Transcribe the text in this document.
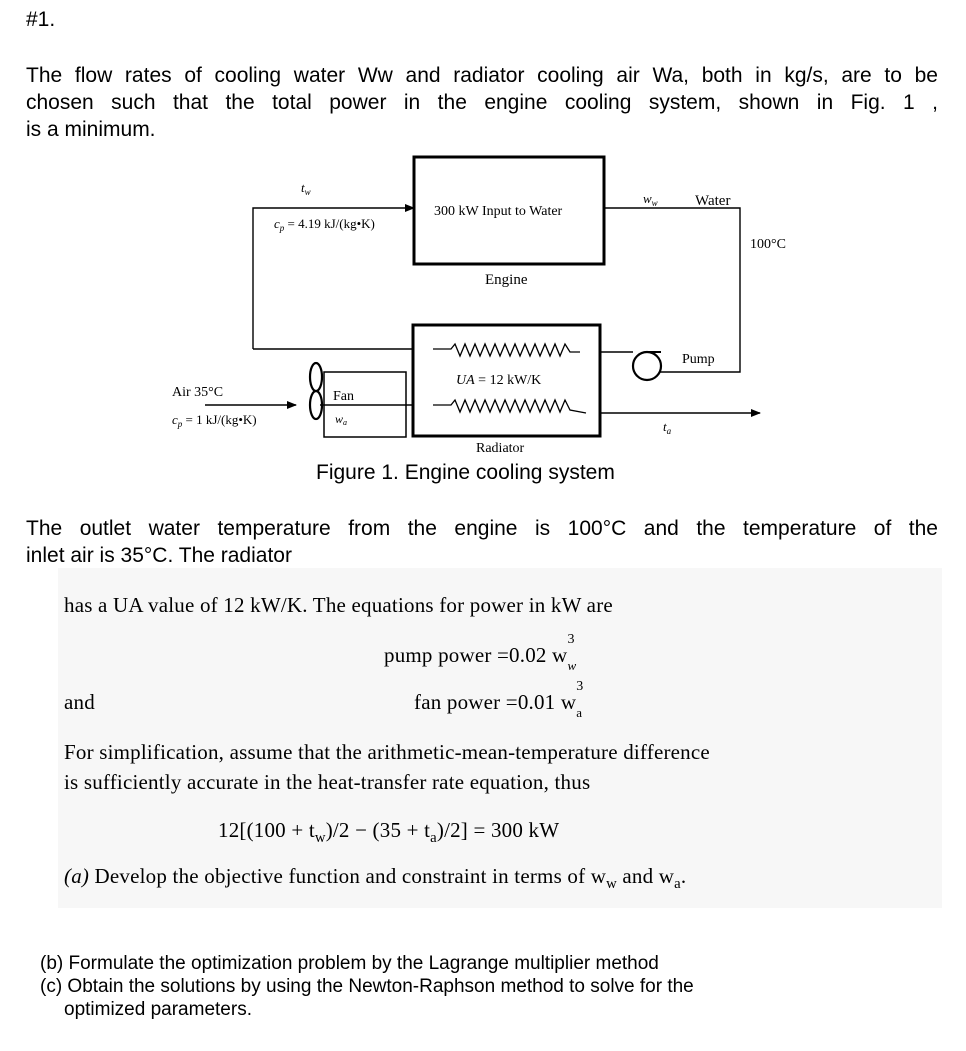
#1.
The flow rates of cooling water Ww and radiator cooling air Wa, both in kg/s, are to be
chosen such that the total power in the engine cooling system, shown in Fig. 1 ,
is a minimum.
$t_w$
$c_p = 4.19$ kJ/(kg•K)
300 kW Input to Water
Engine
$w_w$ Water
100°C
Pump
Air 35°C
$c_p = 1$ kJ/(kg•K)
Fan
wa
UA = 12 kW/K
$t_a$
Radiator
Figure 1. Engine cooling system
The outlet water temperature from the engine is 100°C and the temperature of the
inlet air is 35°C. The radiator
has a UA value of 12 kW/K. The equations for power in kW are
pump power =0.02 w
3
$_w$
and	fan power =0.01 w
3
$_a$
For simplification, assume that the arithmetic-mean-temperature difference
is sufficiently accurate in the heat-transfer rate equation, thus
$12[(100 + t_w)/2 - (35 + t_a)/2] = 300$ kW
(a) Develop the objective function and constraint in terms of $w_w$ and $w_a$.
(b) Formulate the optimization problem by the Lagrange multiplier method
(c) Obtain the solutions by using the Newton-Raphson method to solve for the
optimized parameters.
